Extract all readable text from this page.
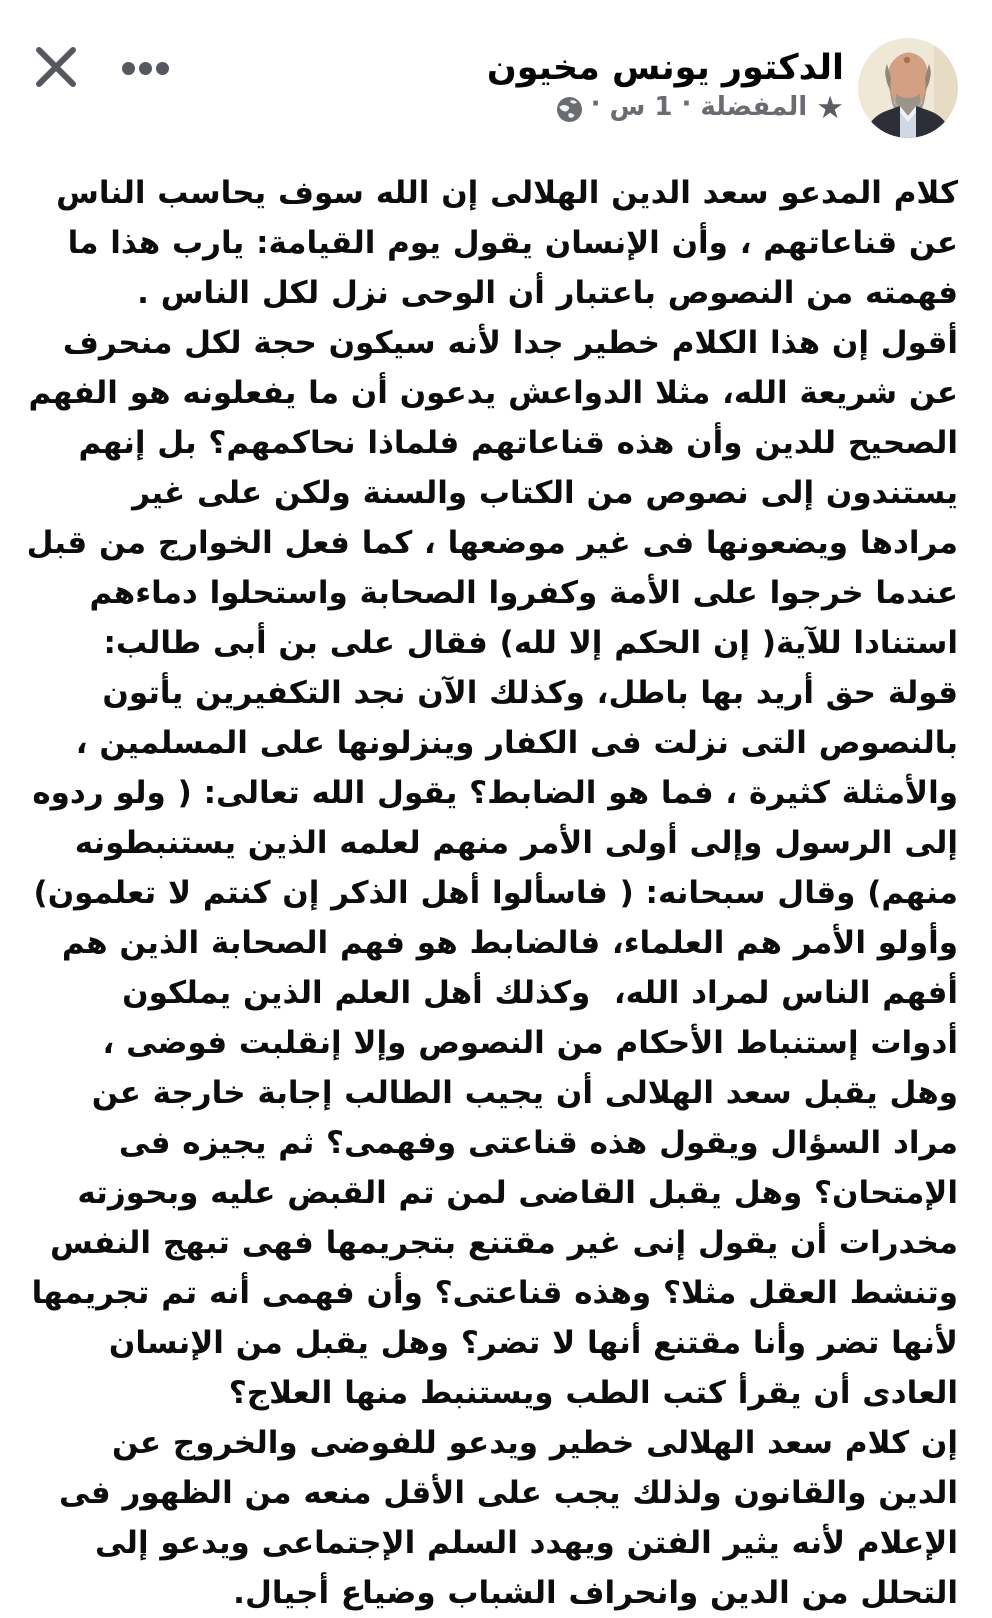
الدكتور يونس مخيون
★
المفضلة
·
1 س
·

كلام المدعو سعد الدين الهلالى إن الله سوف يحاسب الناس عن قناعاتهم ، وأن الإنسان يقول يوم القيامة: يارب هذا ما فهمته من النصوص باعتبار أن الوحى نزل لكل الناس .

أقول إن هذا الكلام خطير جدا لأنه سيكون حجة لكل منحرف عن شريعة الله، مثلا الدواعش يدعون أن ما يفعلونه هو الفهم الصحيح للدين وأن هذه قناعاتهم فلماذا نحاكمهم؟ بل إنهم يستندون إلى نصوص من الكتاب والسنة ولكن على غير مرادها ويضعونها فى غير موضعها ، كما فعل الخوارج من قبل عندما خرجوا على الأمة وكفروا الصحابة واستحلوا دماءهم استنادا للآية( إن الحكم إلا لله) فقال على بن أبى طالب: قولة حق أريد بها باطل، وكذلك الآن نجد التكفيرين يأتون بالنصوص التى نزلت فى الكفار وينزلونها على المسلمين ، والأمثلة كثيرة ، فما هو الضابط؟ يقول الله تعالى: ( ولو ردوه إلى الرسول وإلى أولى الأمر منهم لعلمه الذين يستنبطونه منهم) وقال سبحانه: ( فاسألوا أهل الذكر إن كنتم لا تعلمون)  وأولو الأمر هم العلماء، فالضابط هو فهم الصحابة الذين هم أفهم الناس لمراد الله،  وكذلك أهل العلم الذين يملكون أدوات إستنباط الأحكام من النصوص وإلا إنقلبت فوضى ، وهل يقبل سعد الهلالى أن يجيب الطالب إجابة خارجة عن مراد السؤال ويقول هذه قناعتى وفهمى؟ ثم يجيزه فى الإمتحان؟ وهل يقبل القاضى لمن تم القبض عليه وبحوزته مخدرات أن يقول إنى غير مقتنع بتجريمها فهى تبهج النفس وتنشط العقل مثلا؟ وهذه قناعتى؟ وأن فهمى أنه تم تجريمها لأنها تضر وأنا مقتنع أنها لا تضر؟ وهل يقبل من الإنسان العادى أن يقرأ كتب الطب ويستنبط منها العلاج؟

إن كلام سعد الهلالى خطير ويدعو للفوضى والخروج عن الدين والقانون ولذلك يجب على الأقل منعه من الظهور فى  الإعلام لأنه يثير الفتن ويهدد السلم الإجتماعى ويدعو إلى التحلل من الدين وانحراف الشباب وضياع أجيال.
